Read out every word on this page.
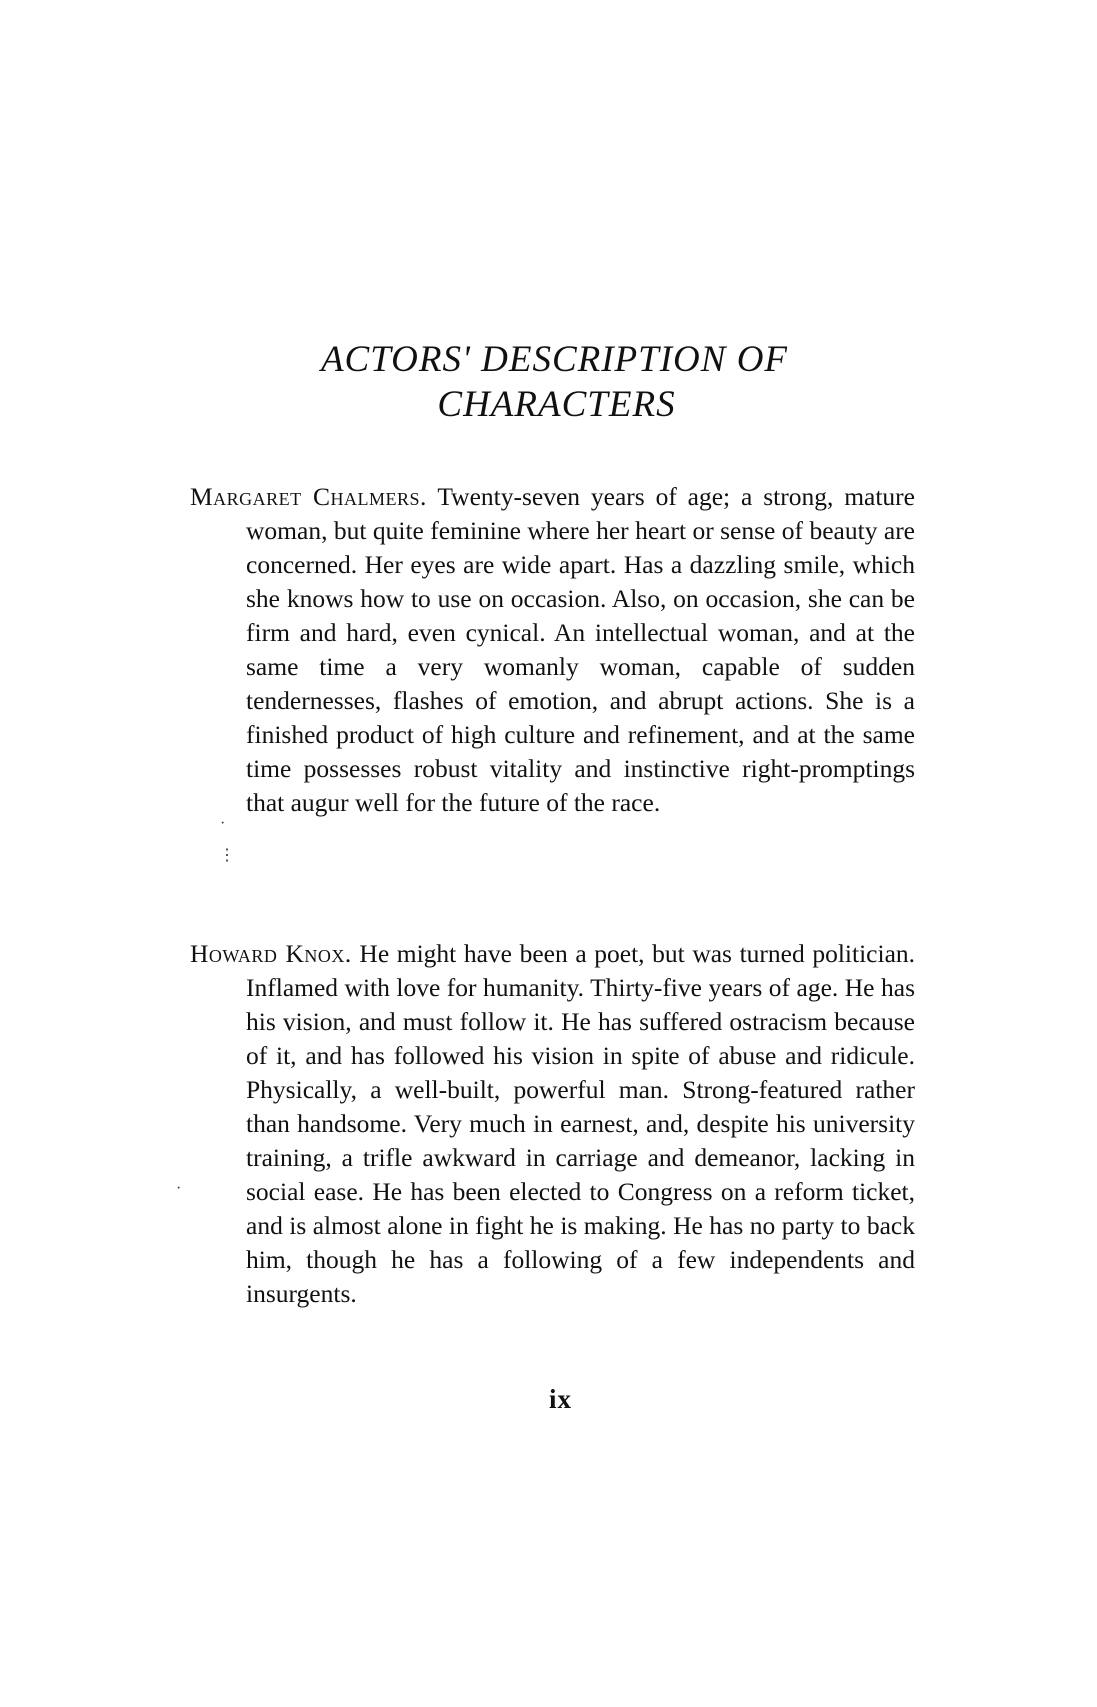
ACTORS' DESCRIPTION OF
CHARACTERS

Margaret Chalmers. Twenty-seven years of age; a strong, mature woman, but quite feminine where her heart or sense of beauty are concerned. Her eyes are wide apart. Has a dazzling smile, which she knows how to use on occasion. Also, on occasion, she can be firm and hard, even cynical. An intellectual woman, and at the same time a very womanly woman, capable of sudden tendernesses, flashes of emotion, and abrupt actions. She is a finished product of high culture and refinement, and at the same time possesses robust vitality and instinctive right-promptings that augur well for the future of the race.

Howard Knox. He might have been a poet, but was turned politician. Inflamed with love for humanity. Thirty-five years of age. He has his vision, and must follow it. He has suffered ostracism because of it, and has followed his vision in spite of abuse and ridicule. Physically, a well-built, powerful man. Strong-featured rather than handsome. Very much in earnest, and, despite his university training, a trifle awkward in carriage and demeanor, lacking in social ease. He has been elected to Congress on a reform ticket, and is almost alone in fight he is making. He has no party to back him, though he has a following of a few independents and insurgents.

·
⋮
·
ix
